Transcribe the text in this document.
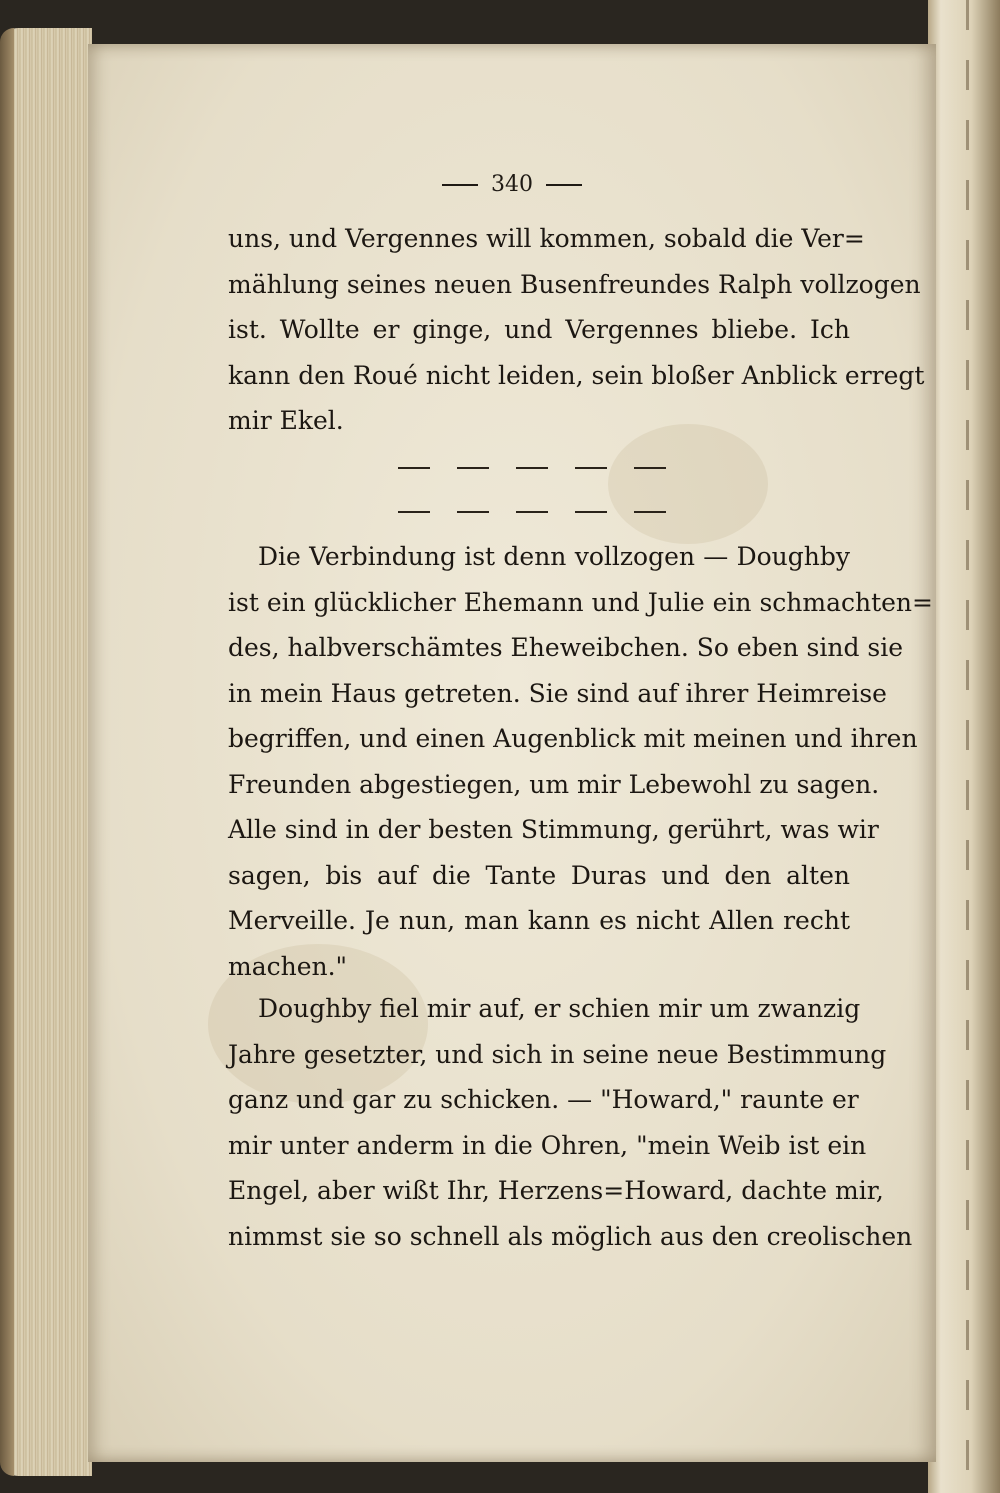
340
uns, und Vergennes will kommen, sobald die Ver=
mählung seines neuen Busenfreundes Ralph vollzogen
ist. Wollte er ginge, und Vergennes bliebe. Ich
kann den Roué nicht leiden, sein bloßer Anblick erregt
mir Ekel.
Die Verbindung ist denn vollzogen — Doughby
ist ein glücklicher Ehemann und Julie ein schmachten=
des, halbverschämtes Eheweibchen. So eben sind sie
in mein Haus getreten. Sie sind auf ihrer Heimreise
begriffen, und einen Augenblick mit meinen und ihren
Freunden abgestiegen, um mir Lebewohl zu sagen.
Alle sind in der besten Stimmung, gerührt, was wir
sagen, bis auf die Tante Duras und den alten
Merveille. Je nun, man kann es nicht Allen recht
machen."
Doughby fiel mir auf, er schien mir um zwanzig
Jahre gesetzter, und sich in seine neue Bestimmung
ganz und gar zu schicken. — "Howard," raunte er
mir unter anderm in die Ohren, "mein Weib ist ein
Engel, aber wißt Ihr, Herzens=Howard, dachte mir,
nimmst sie so schnell als möglich aus den creolischen
